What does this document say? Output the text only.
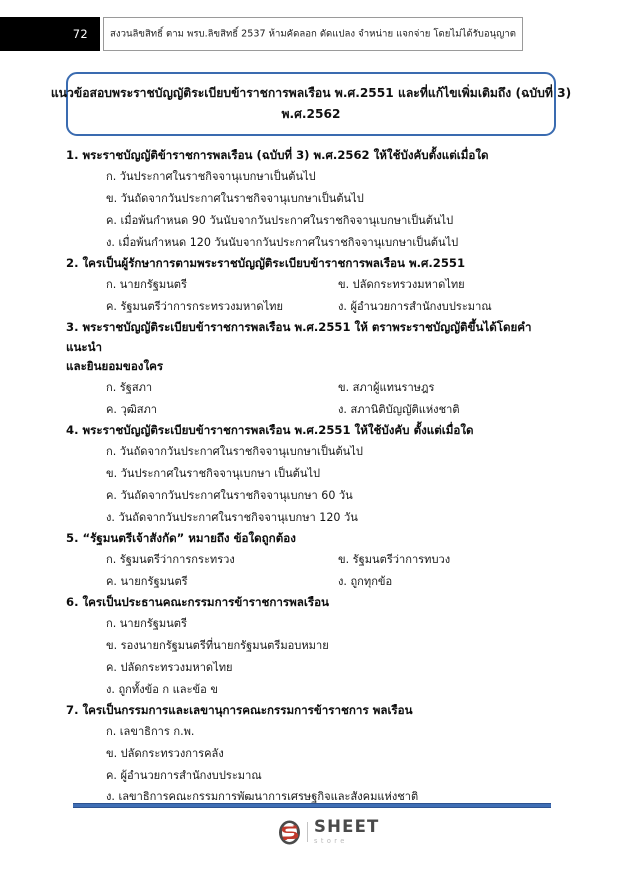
72	สงวนลิขสิทธิ์ ตาม พรบ.ลิขสิทธิ์ 2537 ห้ามคัดลอก ดัดแปลง จำหน่าย แจกจ่าย โดยไม่ได้รับอนุญาต
แนวข้อสอบพระราชบัญญัติระเบียบข้าราชการพลเรือน พ.ศ.2551 และที่แก้ไขเพิ่มเติมถึง (ฉบับที่ 3)
พ.ศ.2562

1. พระราชบัญญัติข้าราชการพลเรือน (ฉบับที่ 3) พ.ศ.2562 ให้ใช้บังคับตั้งแต่เมื่อใด

ก. วันประกาศในราชกิจจานุเบกษาเป็นต้นไป

ข. วันถัดจากวันประกาศในราชกิจจานุเบกษาเป็นต้นไป

ค. เมื่อพ้นกำหนด 90 วันนับจากวันประกาศในราชกิจจานุเบกษาเป็นต้นไป

ง. เมื่อพ้นกำหนด 120 วันนับจากวันประกาศในราชกิจจานุเบกษาเป็นต้นไป

2. ใครเป็นผู้รักษาการตามพระราชบัญญัติระเบียบข้าราชการพลเรือน พ.ศ.2551

ก. นายกรัฐมนตรี	ข. ปลัดกระทรวงมหาดไทย
ค. รัฐมนตรีว่าการกระทรวงมหาดไทย	ง. ผู้อำนวยการสำนักงบประมาณ

3. พระราชบัญญัติระเบียบข้าราชการพลเรือน พ.ศ.2551 ให้ ตราพระราชบัญญัติขึ้นได้โดยคำแนะนำ

และยินยอมของใคร

ก. รัฐสภา	ข. สภาผู้แทนราษฎร
ค. วุฒิสภา	ง. สภานิติบัญญัติแห่งชาติ

4. พระราชบัญญัติระเบียบข้าราชการพลเรือน พ.ศ.2551 ให้ใช้บังคับ ตั้งแต่เมื่อใด

ก. วันถัดจากวันประกาศในราชกิจจานุเบกษาเป็นต้นไป

ข. วันประกาศในราชกิจจานุเบกษา เป็นต้นไป

ค. วันถัดจากวันประกาศในราชกิจจานุเบกษา 60 วัน

ง. วันถัดจากวันประกาศในราชกิจจานุเบกษา 120 วัน

5. “รัฐมนตรีเจ้าสังกัด” หมายถึง ข้อใดถูกต้อง

ก. รัฐมนตรีว่าการกระทรวง	ข. รัฐมนตรีว่าการทบวง
ค. นายกรัฐมนตรี	ง. ถูกทุกข้อ

6. ใครเป็นประธานคณะกรรมการข้าราชการพลเรือน

ก. นายกรัฐมนตรี

ข. รองนายกรัฐมนตรีที่นายกรัฐมนตรีมอบหมาย

ค. ปลัดกระทรวงมหาดไทย

ง. ถูกทั้งข้อ ก และข้อ ข

7. ใครเป็นกรรมการและเลขานุการคณะกรรมการข้าราชการ พลเรือน

ก. เลขาธิการ ก.พ.

ข. ปลัดกระทรวงการคลัง

ค. ผู้อำนวยการสำนักงบประมาณ

ง. เลขาธิการคณะกรรมการพัฒนาการเศรษฐกิจและสังคมแห่งชาติ

SHEET
store
